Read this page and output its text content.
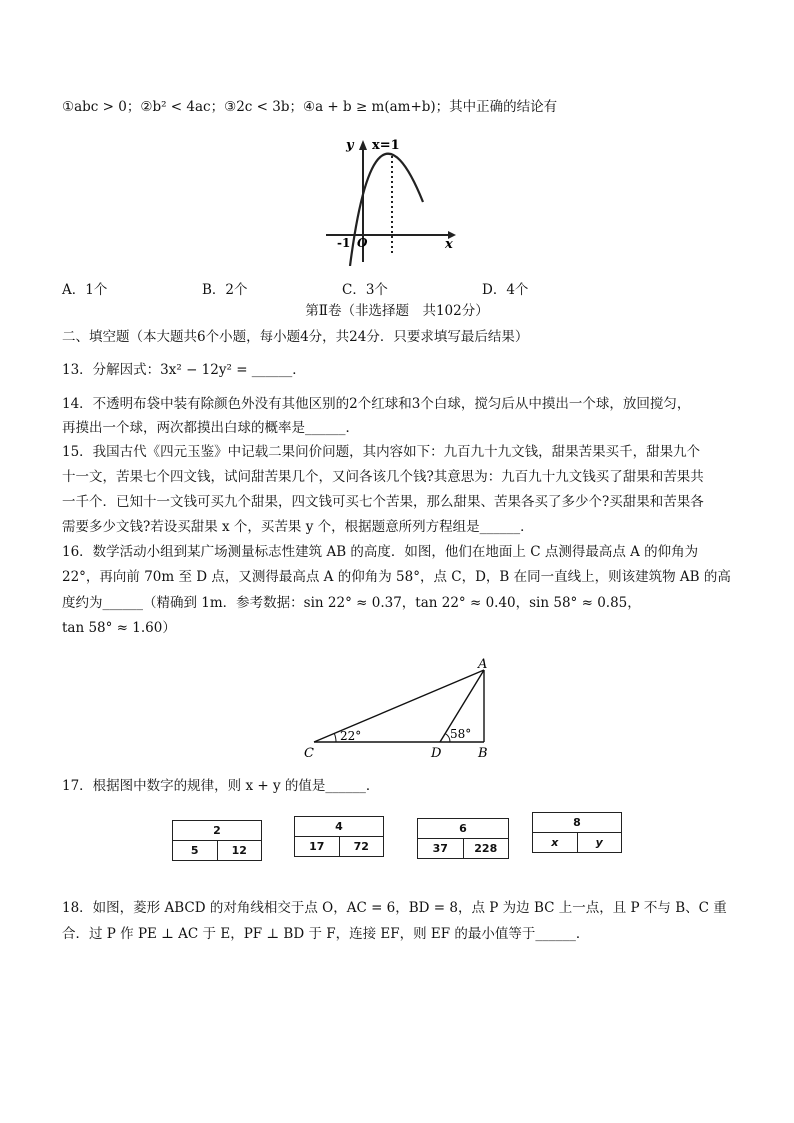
①abc > 0；②b² < 4ac；③2c < 3b；④a + b ≥ m(am+b)；其中正确的结论有
y x=1
x
-1 O
A．1个	B．2个	C．3个	D．4个
第Ⅱ卷（非选择题　共102分）
二、填空题（本大题共6个小题，每小题4分，共24分．只要求填写最后结果）
13．分解因式：3x² − 12y² = ______．
14．不透明布袋中装有除颜色外没有其他区别的2个红球和3个白球，搅匀后从中摸出一个球，放回搅匀，
再摸出一个球，两次都摸出白球的概率是______．
15．我国古代《四元玉鉴》中记载二果问价问题，其内容如下：九百九十九文钱，甜果苦果买千，甜果九个
十一文，苦果七个四文钱，试问甜苦果几个，又问各该几个钱?其意思为：九百九十九文钱买了甜果和苦果共
一千个．已知十一文钱可买九个甜果，四文钱可买七个苦果，那么甜果、苦果各买了多少个?买甜果和苦果各
需要多少文钱?若设买甜果 x 个，买苦果 y 个，根据题意所列方程组是______．
16．数学活动小组到某广场测量标志性建筑 AB 的高度．如图，他们在地面上 C 点测得最高点 A 的仰角为
22°，再向前 70m 至 D 点，又测得最高点 A 的仰角为 58°，点 C，D，B 在同一直线上，则该建筑物 AB 的高
度约为______（精确到 1m．参考数据：sin 22° ≈ 0.37，tan 22° ≈ 0.40，sin 58° ≈ 0.85，
tan 58° ≈ 1.60）
A
B
C	D
22°	58°
17．根据图中数字的规律，则 x + y 的值是______．
2
5	12
4
17	72
6
37	228
8
x	y
18．如图，菱形 ABCD 的对角线相交于点 O，AC = 6，BD = 8，点 P 为边 BC 上一点，且 P 不与 B、C 重
合．过 P 作 PE ⊥ AC 于 E，PF ⊥ BD 于 F，连接 EF，则 EF 的最小值等于______．
